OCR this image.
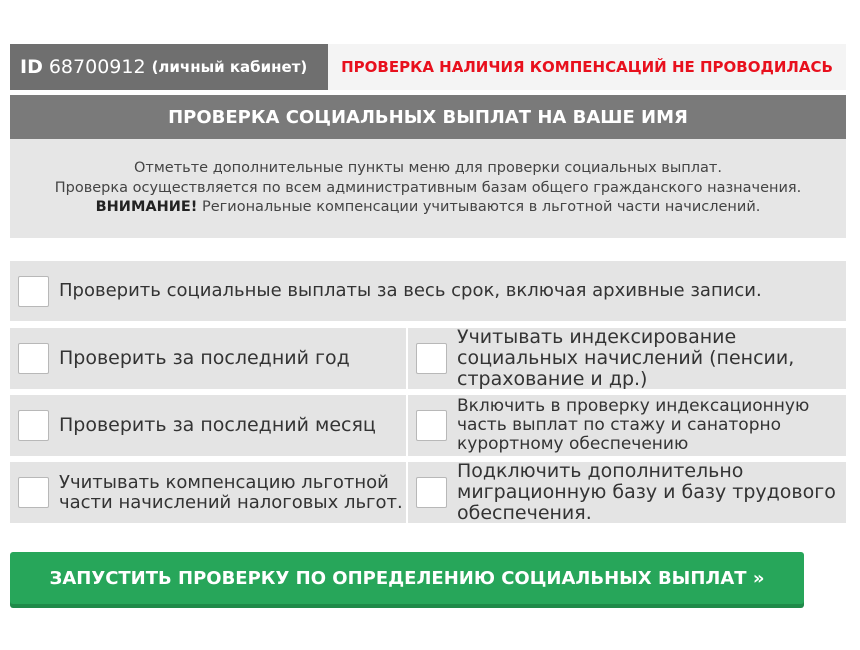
ID 68700912 (личный кабинет) ПРОВЕРКА НАЛИЧИЯ КОМПЕНСАЦИЙ НЕ ПРОВОДИЛАСЬ
ПРОВЕРКА СОЦИАЛЬНЫХ ВЫПЛАТ НА ВАШЕ ИМЯ
Отметьте дополнительные пункты меню для проверки социальных выплат.
Проверка осуществляется по всем административным базам общего гражданского назначения.
ВНИМАНИЕ! Региональные компенсации учитываются в льготной части начислений.
Проверить социальные выплаты за весь срок, включая архивные записи.
Проверить за последний год
Учитывать индексирование
социальных начислений (пенсии,
страхование и др.)
Проверить за последний месяц
Включить в проверку индексационную
часть выплат по стажу и санаторно
курортному обеспечению
Учитывать компенсацию льготной
части начислений налоговых льгот.
Подключить дополнительно
миграционную базу и базу трудового
обеспечения.
ЗАПУСТИТЬ ПРОВЕРКУ ПО ОПРЕДЕЛЕНИЮ СОЦИАЛЬНЫХ ВЫПЛАТ »
